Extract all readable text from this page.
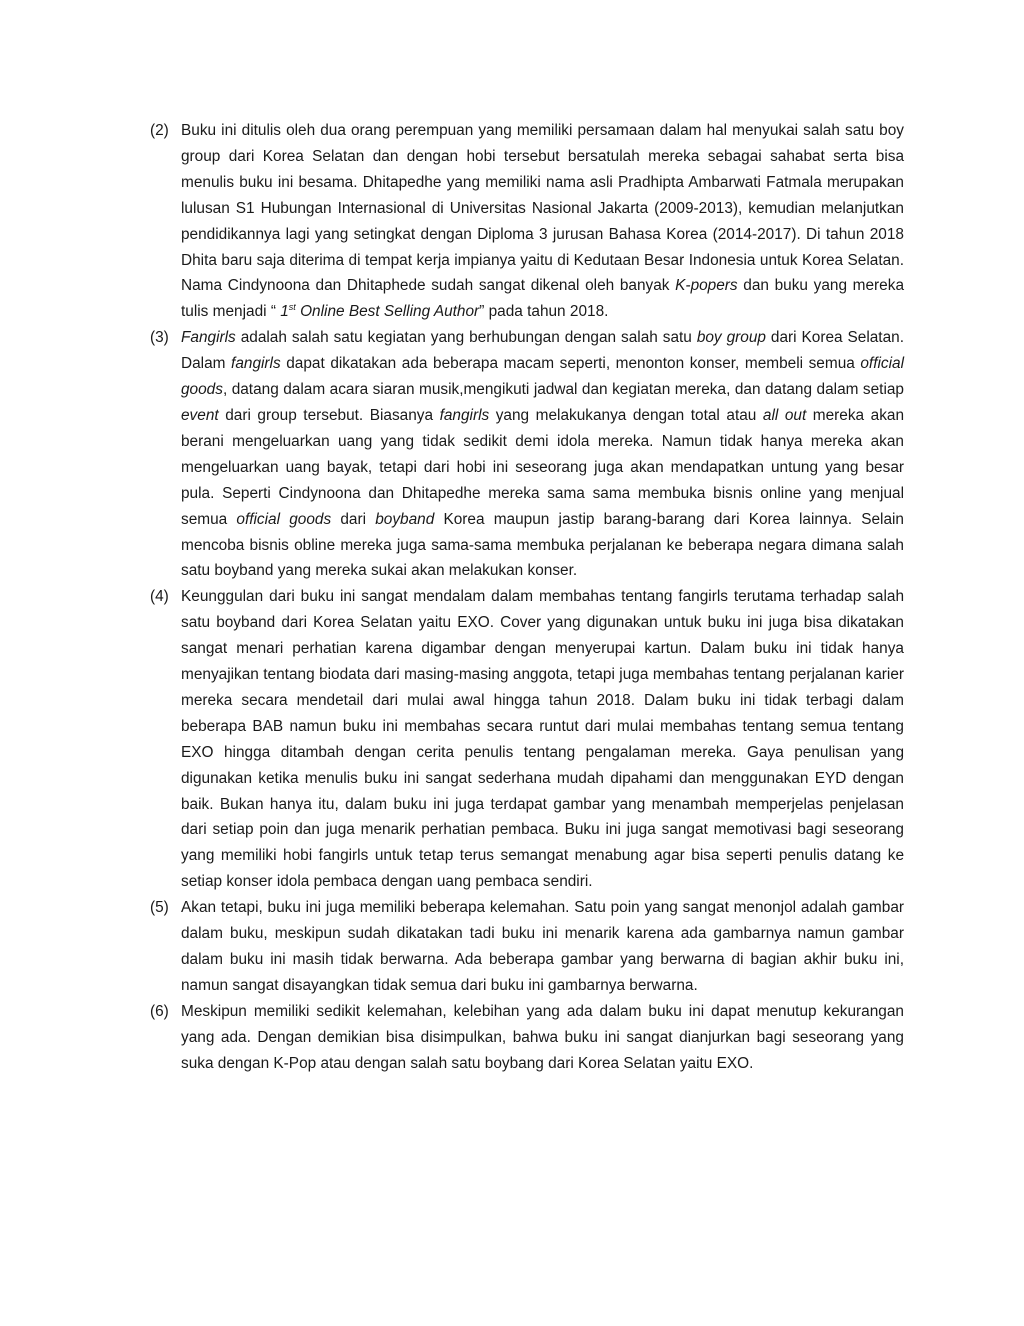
(2) Buku ini ditulis oleh dua orang perempuan yang memiliki persamaan dalam hal menyukai salah satu boy group dari Korea Selatan dan dengan hobi tersebut bersatulah mereka sebagai sahabat serta bisa menulis buku ini besama. Dhitapedhe yang memiliki nama asli Pradhipta Ambarwati Fatmala merupakan lulusan S1 Hubungan Internasional di Universitas Nasional Jakarta (2009-2013), kemudian melanjutkan pendidikannya lagi yang setingkat dengan Diploma 3 jurusan Bahasa Korea (2014-2017). Di tahun 2018 Dhita baru saja diterima di tempat kerja impianya yaitu di Kedutaan Besar Indonesia untuk Korea Selatan. Nama Cindynoona dan Dhitaphede sudah sangat dikenal oleh banyak K-popers dan buku yang mereka tulis menjadi “ 1st Online Best Selling Author” pada tahun 2018.
(3) Fangirls adalah salah satu kegiatan yang berhubungan dengan salah satu boy group dari Korea Selatan. Dalam fangirls dapat dikatakan ada beberapa macam seperti, menonton konser, membeli semua official goods, datang dalam acara siaran musik,mengikuti jadwal dan kegiatan mereka, dan datang dalam setiap event dari group tersebut. Biasanya fangirls yang melakukanya dengan total atau all out mereka akan berani mengeluarkan uang yang tidak sedikit demi idola mereka. Namun tidak hanya mereka akan mengeluarkan uang bayak, tetapi dari hobi ini seseorang juga akan mendapatkan untung yang besar pula. Seperti Cindynoona dan Dhitapedhe mereka sama sama membuka bisnis online yang menjual semua official goods dari boyband Korea maupun jastip barang-barang dari Korea lainnya. Selain mencoba bisnis obline mereka juga sama-sama membuka perjalanan ke beberapa negara dimana salah satu boyband yang mereka sukai akan melakukan konser.
(4) Keunggulan dari buku ini sangat mendalam dalam membahas tentang fangirls terutama terhadap salah satu boyband dari Korea Selatan yaitu EXO. Cover yang digunakan untuk buku ini juga bisa dikatakan sangat menari perhatian karena digambar dengan menyerupai kartun. Dalam buku ini tidak hanya menyajikan tentang biodata dari masing-masing anggota, tetapi juga membahas tentang perjalanan karier mereka secara mendetail dari mulai awal hingga tahun 2018. Dalam buku ini tidak terbagi dalam beberapa BAB namun buku ini membahas secara runtut dari mulai membahas tentang semua tentang EXO hingga ditambah dengan cerita penulis tentang pengalaman mereka. Gaya penulisan yang digunakan ketika menulis buku ini sangat sederhana mudah dipahami dan menggunakan EYD dengan baik. Bukan hanya itu, dalam buku ini juga terdapat gambar yang menambah memperjelas penjelasan dari setiap poin dan juga menarik perhatian pembaca. Buku ini juga sangat memotivasi bagi seseorang yang memiliki hobi fangirls untuk tetap terus semangat menabung agar bisa seperti penulis datang ke setiap konser idola pembaca dengan uang pembaca sendiri.
(5) Akan tetapi, buku ini juga memiliki beberapa kelemahan. Satu poin yang sangat menonjol adalah gambar dalam buku, meskipun sudah dikatakan tadi buku ini menarik karena ada gambarnya namun gambar dalam buku ini masih tidak berwarna. Ada beberapa gambar yang berwarna di bagian akhir buku ini, namun sangat disayangkan tidak semua dari buku ini gambarnya berwarna.
(6) Meskipun memiliki sedikit kelemahan, kelebihan yang ada dalam buku ini dapat menutup kekurangan yang ada. Dengan demikian bisa disimpulkan, bahwa buku ini sangat dianjurkan bagi seseorang yang suka dengan K-Pop atau dengan salah satu boybang dari Korea Selatan yaitu EXO.
